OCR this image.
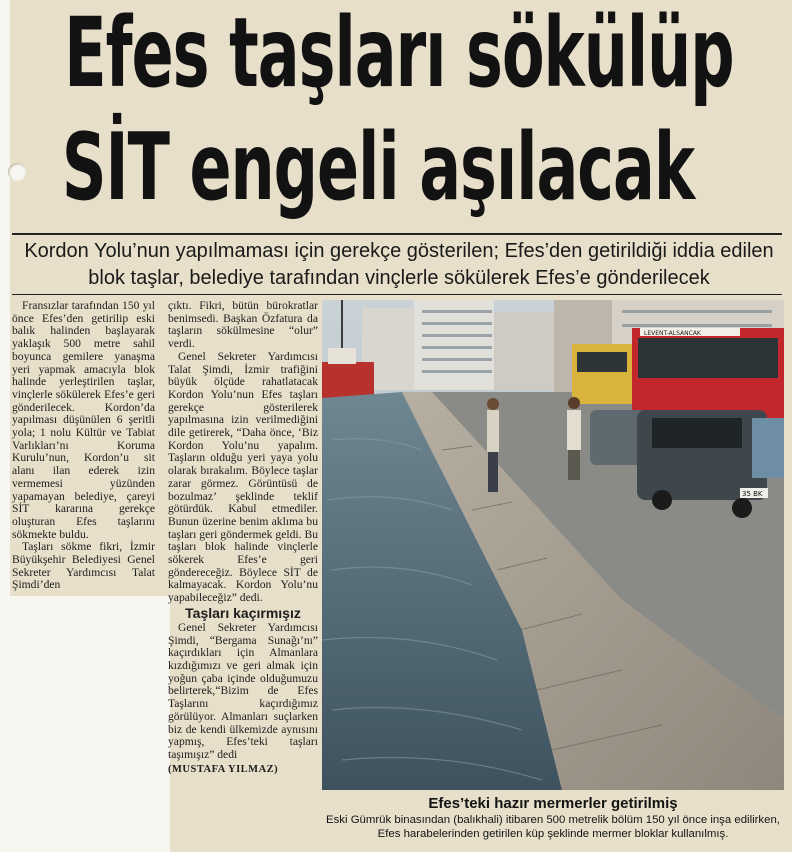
Efes taşları sökülüp
SİT engeli aşılacak

Kordon Yolu’nun yapılmaması için gerekçe gösterilen; Efes’den getirildiği iddia edilen blok taşlar, belediye tarafından vinçlerle sökülerek Efes’e gönderilecek

Fransızlar tarafından 150 yıl önce Efes’den getirilip eski balık halinden başlayarak yaklaşık 500 metre sahil boyunca gemilere yanaşma yeri yapmak amacıyla blok halinde yerleştirilen taşlar, vinçlerle sökülerek Efes’e geri gönderilecek. Kordon’da yapılması düşünülen 6 şeritli yola; 1 nolu Kültür ve Tabiat Varlıkları’nı Koruma Kurulu’nun, Kordon’u sit alanı ilan ederek izin vermemesi yüzünden yapamayan belediye, çareyi SİT kararına gerekçe oluşturan Efes taşlarını sökmekte buldu.

Taşları sökme fikri, İzmir Büyükşehir Belediyesi Genel Sekreter Yardımcısı Talat Şimdi’den

çıktı. Fikri, bütün bürokratlar benimsedi. Başkan Özfatura da taşların sökülmesine “olur” verdi.

Genel Sekreter Yardımcısı Talat Şimdi, İzmir trafiğini büyük ölçüde rahatlatacak Kordon Yolu’nun Efes taşları gerekçe gösterilerek yapılmasına izin verilmediğini dile getirerek, “Daha önce, ‘Biz Kordon Yolu’nu yapalım. Taşların olduğu yeri yaya yolu olarak bırakalım. Böylece taşlar zarar görmez. Görüntüsü de bozulmaz’ şeklinde teklif götürdük. Kabul etmediler. Bunun üzerine benim aklıma bu taşları geri göndermek geldi. Bu taşları blok halinde vinçlerle sökerek Efes’e geri göndereceğiz. Böylece SİT de kalmayacak. Kordon Yolu’nu yapabileceğiz” dedi.

Taşları kaçırmışız

Genel Sekreter Yardımcısı Şimdi, “Bergama Sunağı’nı” kaçırdıkları için Almanlara kızdığımızı ve geri almak için yoğun çaba içinde olduğumuzu belirterek,“Bizim de Efes Taşlarını kaçırdığımız görülüyor. Almanları suçlarken biz de kendi ülkemizde aynısını yapmış, Efes’teki taşları taşımışız” dedi

(MUSTAFA YILMAZ)

LEVENT-ALSANCAK
35 BK

Efes’teki hazır mermerler getirilmiş

Eski Gümrük binasından (balıkhali) itibaren 500 metrelik bölüm 150 yıl önce inşa edilirken, Efes harabelerinden getirilen küp şeklinde mermer bloklar kullanılmış.
